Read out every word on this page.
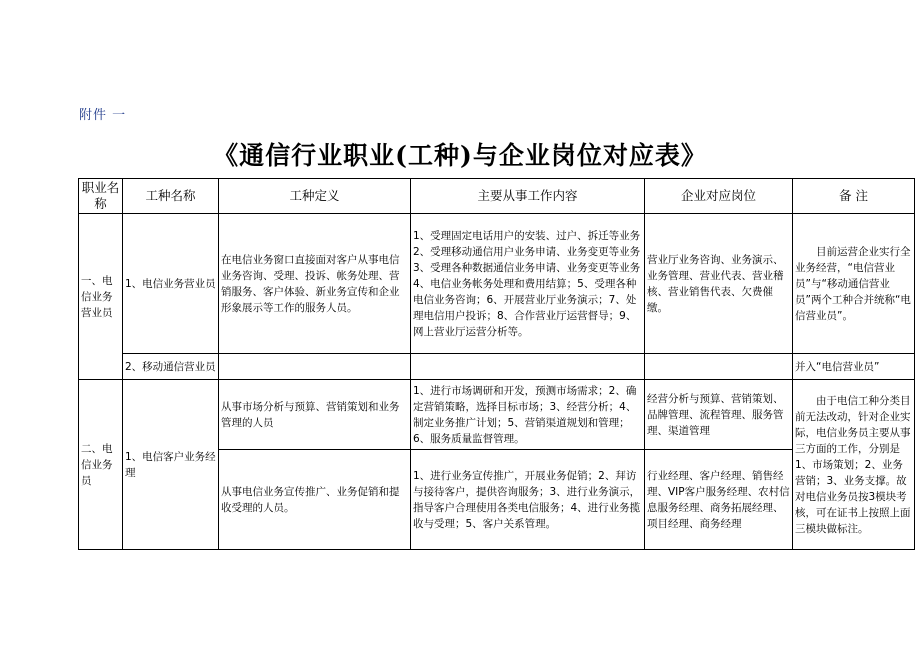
附件 一
《通信行业职业(工种)与企业岗位对应表》
职业名称	工种名称	工种定义	主要从事工作内容	企业对应岗位	备 注
一、电信业务营业员	1、电信业务营业员	在电信业务窗口直接面对客户从事电信业务咨询、受理、投诉、帐务处理、营销服务、客户体验、新业务宣传和企业形象展示等工作的服务人员。	1、受理固定电话用户的安装、过户、拆迁等业务2、受理移动通信用户业务申请、业务变更等业务3、受理各种数据通信业务申请、业务变更等业务4、电信业务帐务处理和费用结算；5、受理各种电信业务咨询；6、开展营业厅业务演示；7、处理电信用户投诉；8、合作营业厅运营督导；9、网上营业厅运营分析等。	营业厅业务咨询、业务演示、业务管理、营业代表、营业稽核、营业销售代表、欠费催缴。	目前运营企业实行全业务经营，“电信营业员”与“移动通信营业员”两个工种合并统称“电信营业员”。
	2、移动通信营业员				并入“电信营业员”
二、电信业务员	1、电信客户业务经理	从事市场分析与预算、营销策划和业务管理的人员	1、进行市场调研和开发，预测市场需求；2、确定营销策略，选择目标市场；3、经营分析；4、制定业务推广计划；5、营销渠道规划和管理；6、服务质量监督管理。	经营分析与预算、营销策划、品牌管理、流程管理、服务管理、渠道管理	由于电信工种分类目前无法改动，针对企业实际，电信业务员主要从事三方面的工作，分别是1、市场策划；2、业务营销；3、业务支撑。故对电信业务员按3模块考核，可在证书上按照上面三模块做标注。
		从事电信业务宣传推广、业务促销和提收受理的人员。	1、进行业务宣传推广，开展业务促销；2、拜访与接待客户，提供咨询服务；3、进行业务演示，指导客户合理使用各类电信服务；4、进行业务揽收与受理；5、客户关系管理。	行业经理、客户经理、销售经理、VIP客户服务经理、农村信息服务经理、商务拓展经理、项目经理、商务经理	
